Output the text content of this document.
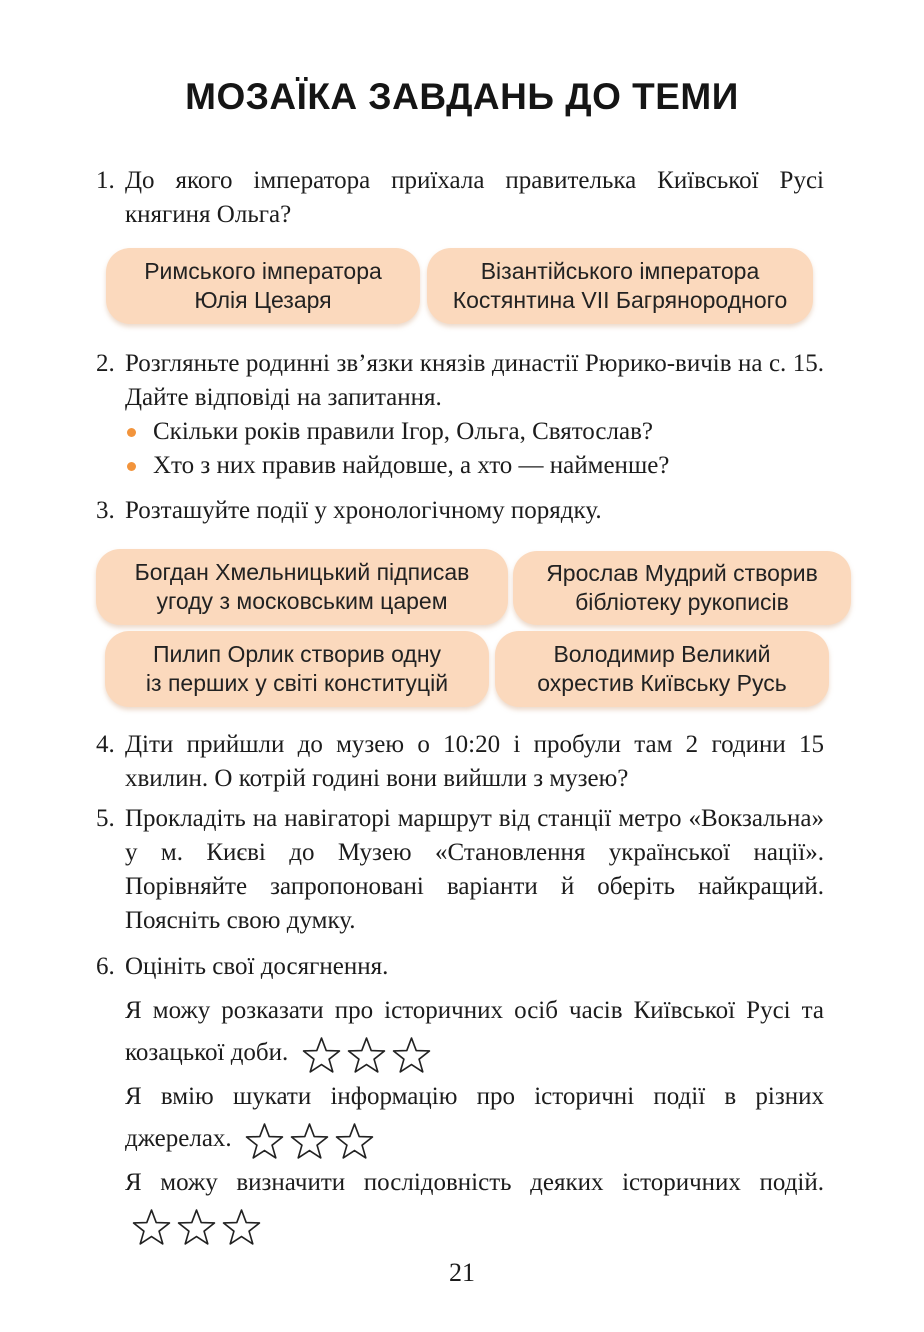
МОЗАЇКА ЗАВДАНЬ ДО ТЕМИ
1. До якого імператора приїхала правителька Київської Русі княгиня Ольга?
Римського імператора
Юлія Цезаря
Візантійського імператора
Костянтина VII Багрянородного
2. Розгляньте родинні зв’язки князів династії Рюрико-вичів на с. 15. Дайте відповіді на запитання.
Скільки років правили Ігор, Ольга, Святослав?
Хто з них правив найдовше, а хто — найменше?
3. Розташуйте події у хронологічному порядку.
Богдан Хмельницький підписав
угоду з московським царем
Ярослав Мудрий створив
бібліотеку рукописів
Пилип Орлик створив одну
із перших у світі конституцій
Володимир Великий
охрестив Київську Русь
4. Діти прийшли до музею о 10:20 і пробули там 2 години 15 хвилин. О котрій годині вони вийшли з музею?
5. Прокладіть на навігаторі маршрут від станції метро «Вокзальна» у м. Києві до Музею «Становлення української нації». Порівняйте запропоновані варіанти й оберіть найкращий. Поясніть свою думку.
6. Оцініть свої досягнення.
Я можу розказати про історичних осіб часів Київської Русі та козацької доби.
Я вмію шукати інформацію про історичні події в різних джерелах.
Я можу визначити послідовність деяких історичних подій.
21
